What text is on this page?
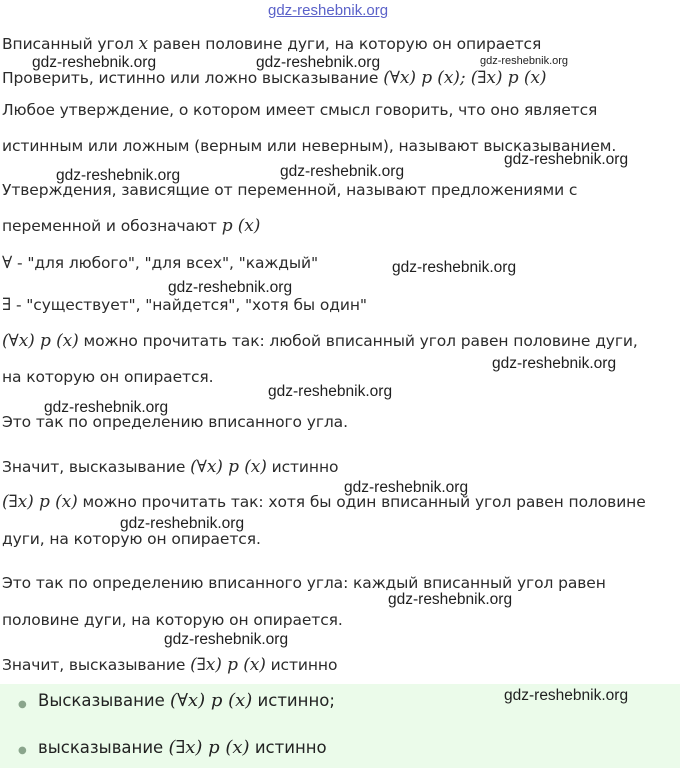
gdz-reshebnik.org
Вписанный угол x равен половине дуги, на которую он опирается
Проверить, истинно или ложно высказывание (∀x) p (x); (∃x) p (x)
Любое утверждение, о котором имеет смысл говорить, что оно является
истинным или ложным (верным или неверным), называют высказыванием.
Утверждения, зависящие от переменной, называют предложениями с
переменной и обозначают p (x)
∀ - "для любого", "для всех", "каждый"
∃ - "существует", "найдется", "хотя бы один"
(∀x) p (x) можно прочитать так: любой вписанный угол равен половине дуги,
на которую он опирается.
Это так по определению вписанного угла.
Значит, высказывание (∀x) p (x) истинно
(∃x) p (x) можно прочитать так: хотя бы один вписанный угол равен половине
дуги, на которую он опирается.
Это так по определению вписанного угла: каждый вписанный угол равен
половине дуги, на которую он опирается.
Значит, высказывание (∃x) p (x) истинно
● Высказывание (∀x) p (x) истинно;
● высказывание (∃x) p (x) истинно
gdz-reshebnik.org	gdz-reshebnik.org	gdz-reshebnik.org
gdz-reshebnik.org
gdz-reshebnik.org	gdz-reshebnik.org
gdz-reshebnik.org
gdz-reshebnik.org
gdz-reshebnik.org
gdz-reshebnik.org
gdz-reshebnik.org
gdz-reshebnik.org
gdz-reshebnik.org
gdz-reshebnik.org
gdz-reshebnik.org
gdz-reshebnik.org
